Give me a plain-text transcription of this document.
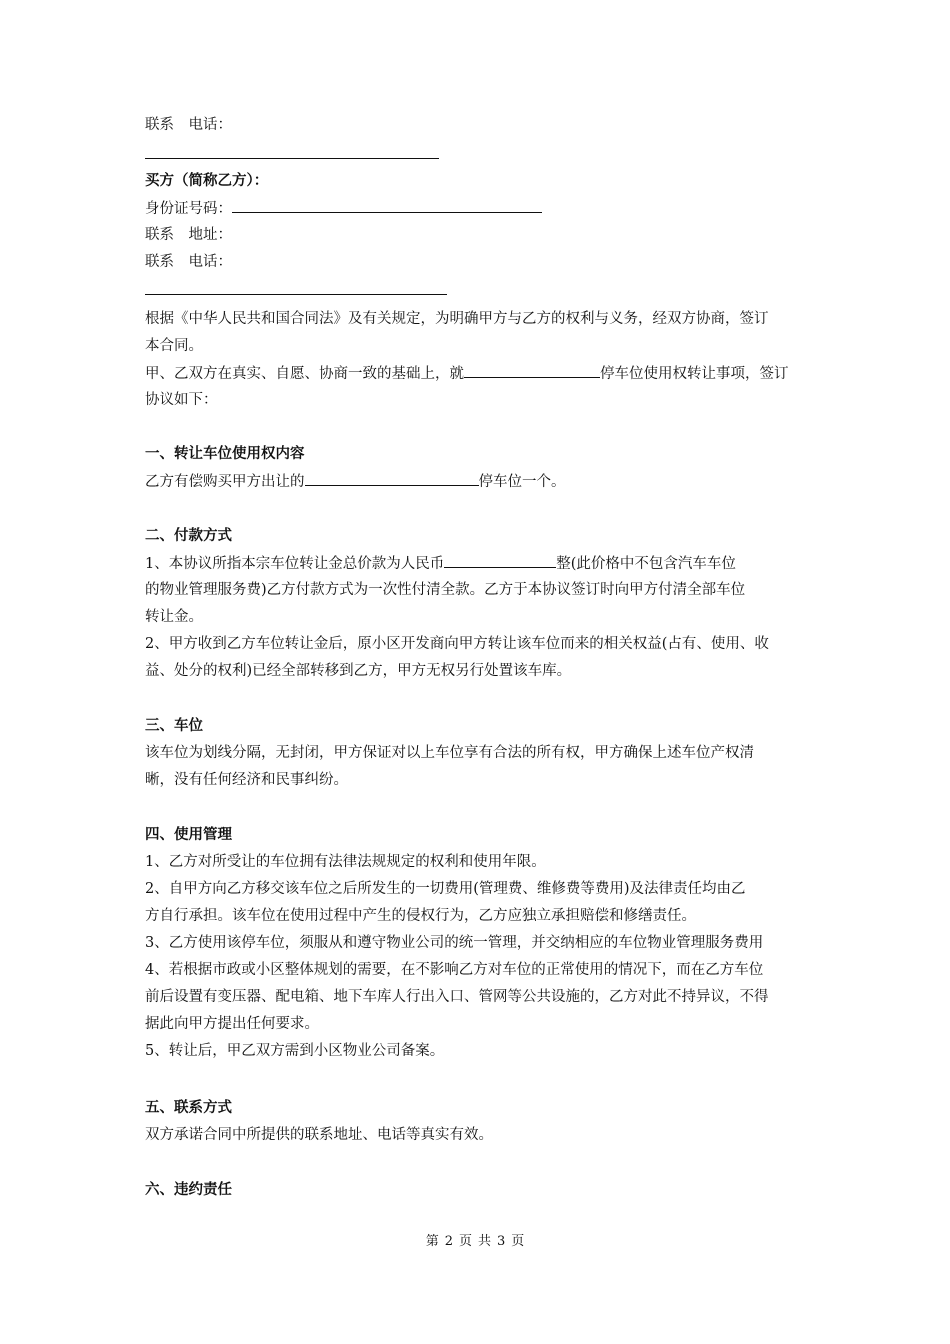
联系　电话：
买方（简称乙方）：
身份证号码：
联系　地址：
联系　电话：
根据《中华人民共和国合同法》及有关规定，为明确甲方与乙方的权利与义务，经双方协商，签订
本合同。
甲、乙双方在真实、自愿、协商一致的基础上，就	停车位使用权转让事项，签订
协议如下：
一、转让车位使用权内容
乙方有偿购买甲方出让的	停车位一个。
二、付款方式
1、本协议所指本宗车位转让金总价款为人民币	整(此价格中不包含汽车车位
的物业管理服务费)乙方付款方式为一次性付清全款。乙方于本协议签订时向甲方付清全部车位
转让金。
2、甲方收到乙方车位转让金后，原小区开发商向甲方转让该车位而来的相关权益(占有、使用、收
益、处分的权利)已经全部转移到乙方，甲方无权另行处置该车库。
三、车位
该车位为划线分隔，无封闭，甲方保证对以上车位享有合法的所有权，甲方确保上述车位产权清
晰，没有任何经济和民事纠纷。
四、使用管理
1、乙方对所受让的车位拥有法律法规规定的权利和使用年限。
2、自甲方向乙方移交该车位之后所发生的一切费用(管理费、维修费等费用)及法律责任均由乙
方自行承担。该车位在使用过程中产生的侵权行为，乙方应独立承担赔偿和修缮责任。
3、乙方使用该停车位，须服从和遵守物业公司的统一管理，并交纳相应的车位物业管理服务费用
4、若根据市政或小区整体规划的需要，在不影响乙方对车位的正常使用的情况下，而在乙方车位
前后设置有变压器、配电箱、地下车库人行出入口、管网等公共设施的，乙方对此不持异议，不得
据此向甲方提出任何要求。
5、转让后，甲乙双方需到小区物业公司备案。
五、联系方式
双方承诺合同中所提供的联系地址、电话等真实有效。
六、违约责任
第 2 页 共 3 页
